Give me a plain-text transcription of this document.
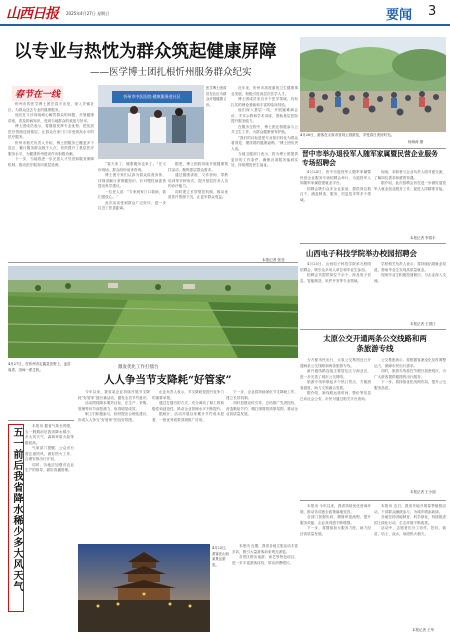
山西日报 2025年4月27日 星期日	要闻 3
以专业与热忱为群众筑起健康屏障
——医学博士团扎根忻州服务群众纪实
春节在一线

忻州市的医学博士团在春天出发，深入乡镇社区，为群众送去专业的健康服务。

他们在义诊现场耐心解答群众的问题，开展健康讲座，普及防病知识，受到当地群众的欢迎与好评。

博士团成员表示，将继续发挥专业优势，把优质医疗资源送到基层，让群众在家门口享受到高水平的医疗服务。

忻州市相关负责人介绍，博士团服务已覆盖多个县区，累计服务群众数千人次，有效提升了基层医疗服务水平，为健康忻州建设作出积极贡献。

下一步，当地将进一步完善人才引进和服务保障机制，推动医疗服务向基层延伸。

忻州市中医医院·健康服务进社区
医学博士团成员在社区为群众开展健康义诊。

“春天来了，健康服务也来了。”在义诊现场，群众纷纷前来咨询。

博士团专家们认真为群众检查身体，详细讲解日常保健知识，针对慢性病患者提出科学建议。

一位老人说：“专家到家门口看病，我们很放心。”

此次活动受到群众广泛好评，进一步拉近了医患距离。

据悉，博士团将持续开展健康帮扶活动，聚焦基层群众需求。

通过健康讲座、义诊咨询、带教培训等多种形式，提升基层医务人员的诊疗能力。

同时建立长效帮扶机制，推动优质医疗资源下沉，让更多群众受益。

近年来，忻州市高度重视卫生健康事业发展，积极引进高层次医学人才。

博士团成员来自多个医学领域，具有扎实的理论基础和丰富的临床经验。

他们深入基层一线，开展疑难病会诊、手术示教和学术讲座，帮助基层医院提升服务能力。

在服务过程中，博士团还积极参与公共卫生工作，为群众健康保驾护航。

“我们的目标是把专业知识转化为群众看得见、摸得着的健康福利。”博士团负责人说。

当地卫健部门表示，将为博士团提供更好的工作条件，确保各项服务落到实处，持续增进民生福祉。

本报记者 张莹
4月26日，游客在太原市晋祠公园游览，享受春日美好时光。
杨海涛 摄
晋中市举办退役军人随军家属暨民营企业服务专场招聘会

4月24日，晋中市退役军人随军家属暨民营企业服务专场招聘会举行，为退役军人和随军家属搭建就业平台。

招聘会吸引众多企业参加，提供岗位数百个，涵盖制造、服务、信息技术等多个领域。

现场，求职者与企业负责人面对面交流，了解岗位需求和薪资待遇。

据介绍，此次招聘会旨在进一步做好退役军人就业创业服务工作，促进人岗精准对接。

本报记者 李春丰
山西电子科技学院举办校园招聘会

4月25日，山西电子科技学院举办校园招聘会，吸引众多用人单位和毕业生参加。

招聘会共提供岗位千余个，涉及电子信息、智能制造、软件开发等专业领域。

学校相关负责人表示，将持续拓展就业渠道，帮助毕业生实现高质量就业。

现场毕业生积极投递简历，与企业深入交流。

本报记者 王国江
太原公交开通两条公交线路和两条旅游专线

为方便市民出行，太原公交集团近日开通两条公交线路和两条旅游专线。

新开通线路连接主要居住区与商业区，进一步完善了城市公交网络。

旅游专线串联起多个热门景点，方便游客游览，助力文旅融合发展。

据介绍，新线路运营时间、票价等信息已向社会公布，市民可通过相关平台查询。

公交集团表示，将根据客流变化及时调整运力，保障市民出行需求。

同时，旅游专线将在节假日加密班次，为广大游客提供便捷的出行服务。

下一步，将持续优化线网布局，提升公交服务品质。

本报记者 王小丽

本报讯 近日，我省多地开展春季植树活动，干部群众踊跃参与，为城乡增添新绿。

各地坚持因地制宜、科学绿化，持续推进国土绿化行动，生态环境不断改善。

活动中，志愿者们分工协作，挖坑、栽苗、培土、浇水，场面热火朝天。

本报讯 今年以来，我省持续优化营商环境，推动各项惠企政策落地见效。

各部门加强协同，精简审批流程，提升服务效能，企业获得感不断增强。

下一步，将继续加大服务力度，助力经济高质量发展。

本报记者 王华
4月27日，在忻州市定襄县沃野上，麦苗返青，田间一派生机。
五一前后我省降水稀少多大风天气

本报讯 据省气象台预报，五一假期前后我省降水稀少，多大风天气，森林草原火险等级较高。

气象部门提醒，公众出行需注意防风，做好防火工作，合理安排出行计划。

同时，各地应加强对农业生产的指导，做好春播管理。

激发优化工作打擂台
人人争当节支降耗“好管家”

今年以来，我省某企业持续开展节支降耗“好管家”擂台赛活动，激发全员节约意识。

活动围绕降本增效目标，在生产、采购、管理等环节深挖潜力，取得明显成效。

职工们积极参与，纷纷提出合理化建议，形成人人争当“好管家”的良好氛围。

企业负责人表示，节支降耗是提升竞争力的重要举措。

通过打擂台的方式，充分调动了职工的积极性和创造性，推动企业管理水平不断提升。

据统计，活动开展以来累计节约成本显著，一批优秀成果得到推广应用。

下一步，企业将持续深化节支降耗工作，建立长效机制。

同时加强宣传引导，总结推广先进经验，营造勤俭节约、精打细算的浓厚氛围，推动企业高质量发展。

4月25日，游客在山西某景区游览。

本报讯 近期，我省各地文旅活动丰富多彩，吸引大量游客前来观光游览。

各景区推出夜游、演艺等特色项目，进一步丰富游客体验，带动消费增长。
